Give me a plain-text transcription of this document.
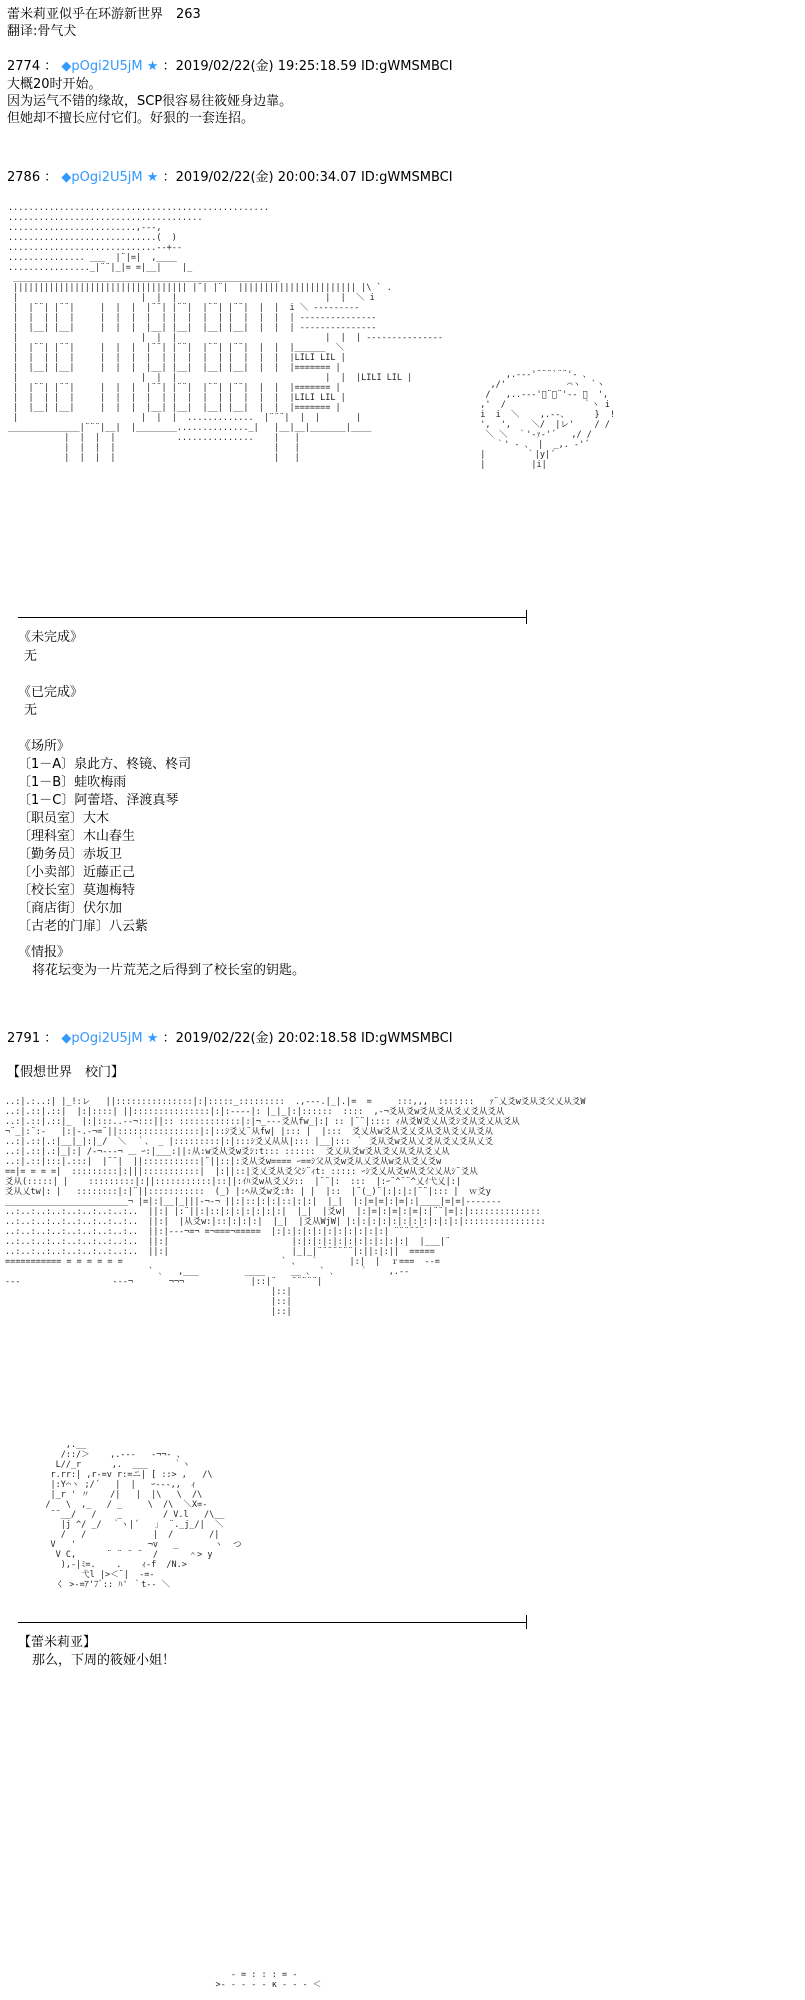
蕾米莉亚似乎在环游新世界　263
翻译:骨气犬
2774 ： ◆pOgi2U5jM ★ ：2019/02/22(金) 19:25:18.59 ID:gWMSMBCI
大概20时开始。
因为运气不错的缘故，SCP很容易往筱娅身边靠。
但她却不擅长应付它们。好狠的一套连招。
2786 ： ◆pOgi2U5jM ★ ：2019/02/22(金) 20:00:34.07 ID:gWMSMBCI
...................................................
......................................
.........................,---,
.............................(  )
.............................--+--
............... ___  |¨|=|  ,____
................_|¨¨|_|= =|__|    |_
____________________________________________________
|||||||||||||||||||||||||||||||||| |¨| |¨|  ||||||||||||||||||||||| |\ ` .
|                        |  |  |                             |  |  ＼ i
|  |¨¨| |¨¨|     |  |  |  |¨¨| |¨¨|  |¨¨| |¨¨|  |  |  i ＼ ---------
|  |  | |  |     |  |  |  |  | |  |  |  | |  |  |  |  | ---------------
|  |__| |__|     |  |  |  |__| |__|  |__| |__|  |  |  | ---------------
|                        |  |  |                             |  |  | ---------------
|  |¨¨| |¨¨|     |  |  |  |¨¨| |¨¨|  |¨¨| |¨¨|  |  |  |______  ＼
|  |  | |  |     |  |  |  |  | |  |  |  | |  |  |  |  |LILI LIL |
|  |__| |__|     |  |  |  |__| |__|  |__| |__|  |  |  |======= |
|                        |  |  |                             |  |  |LILI LIL |
|  |¨¨| |¨¨|     |  |  |  |¨¨| |¨¨|  |¨¨| |¨¨|  |  |  |======= |
|  |  | |  |     |  |  |  |  | |  |  |  | |  |  |  |  |LILI LIL |
|  |__| |__|     |  |  |  |__| |__|  |__| |__|  |  |  |======= |
|                        |  |  |  .............  |¨¨¨|  |  |       |
______________|¨¨¨|__|  |________.............._|   |__|__|_______|____
|  |  |  |            ...............    |   |
|  |  |  |                               |   |
|  |  |  |                               |   |
,.--‐'¨¨¨`¨¨'- 、
,/'            ⌒ヽ  `ヽ
/   ,..--‐'ﾞ¨ﾞ¨'‐- 、  ',
,'  /               ｀ヽ i
i  i  ＼    ,.--、     }  !
',  ',    ＼/  |レ'    / /
＼ ＼  ｀'‐ｧ‐'´   ,/ /
｀' - 、 |  _,. ‐'´
|        ｀|y|´
|         |i|
《未完成》
无
《已完成》
无
《场所》
〔1－A〕泉此方、柊镜、柊司
〔1－B〕蛙吹梅雨
〔1－C〕阿蕾塔、泽渡真琴
〔职员室〕大木
〔理科室〕木山春生
〔勤务员〕赤坂卫
〔小卖部〕近藤正己
〔校长室〕莫迦梅特
〔商店街〕伏尔加
〔古老的门扉〕八云紫
《情报》
将花坛变为一片荒芜之后得到了校长室的钥匙。
2791 ： ◆pOgi2U5jM ★ ：2019/02/22(金) 20:02:18.58 ID:gWMSMBCI
【假想世界　校门】
..:|.:..:| |_!:レ   ||:::::::::::::::|:|:::::_:::::::::  .,---.|_|.|=  =     :::,,,  :::::::   ｧ¨乂爻w爻从爻父乂从爻W
..:|.::|.::|  |:|::::| ||:::::::::::::::|:|:---‐|: |_|_|:|::::::  ::::  ,-¬爻从爻w爻从爻从爻乂爻从爻从
..:|.::|.::|_  |:|:::..‐-¬:::||:: ::::::::::::|:|¬_--‐爻从fw_|:| :: |¨¨|:::: ｨ从爻W爻乂从爻ｼ爻从爻乂从爻从
¬¨_|:¨:‐   |:|‐.‐¬=¨||::::::::::::::::|:|::ｼ爻乂¨从fw| |::: |  |:::  爻乂从w爻从爻乂爻从爻从爻乂从爻从
..:|.::|.:|__|_|:|_/  ＼  ｀、 _ |:::::::::|:|:::ｼ爻乂从从|::: |__|::: ｀ 爻从爻w爻从乂爻从爻乂爻从乂爻
..:|.::|.:|_|:| /‐¬‐--¬ ＿ ｰ:|___:||:从:w爻从爻w爻ｼ:t::: ::::::  爻乂从爻w爻从爻乂从爻从爻乂从
..:|.::|:::|.:::|  |¨¨|  ||:::::::::::|¨||::|:爻从爻w==== ｰ==ｼ父从爻w爻从乂爻从w爻从爻乂爻w
==|= = = =|  :::::::::|:|||:::::::::::|  |:||::|爻乂爻从爻父ｼ¨ｨt: ::::: ｰｼ爻乂从爻w从爻父乂从ｼ¨爻从
爻从(:::::| |    :::::::::|:||:::::::::::|::||:ｲﾊ爻w从爻乂ｼ::  |¨¨|:  :::  |:ｰ¨^¨¨^乂ｲ弋乂|:|
爻从乂tw|: |   ::::::::|:|¨||:::::::::::  (_) |:ﾍ从爻w爻:ｶ: | |  |::  |¨(_)¨|:|:|:|¨¨|::: |  ｗ爻y
________________________¬ |=|:|__|_|||-¬-¬ ||:|::|:|:|::|:|:|  |_|  |:|=|=|:|=|:|____|=|=|-------
..:..:..:..:..:..:..:..:..  ||:| |:¨||:|::|:|:|:|:|:|:|  |_|  |爻w|  |:|=|:|=|:|=|:|¨¨|=|:|::::::::::::::
..:..:..:..:..:..:..:..:..  ||:|  |从爻w:|::|:|:|:|  |_|  |爻从WjW| |:|:|:|:|:|:|:|:|:|:|:|::::::::::::::::
..:..:..:..:..:..:..:..:..  ||:|---¬=¬ =¬===¬=====  |:|:|:|:|:|:|:|:|:|:|:| ¨¨¨¨¨¨
..:..:..:..:..:..:..:..:..  ||:|                        |:|:|:|:|:|:|:|:|:|:|:|  |___|¨
..:..:..:..:..:..:..:..:..  ||:|                        |_|_|¨¨¨¨¨¨¨|:||:|:||  =====
=========== = = = = = =                               ` 、  ｀      |:|  |  ｒ===  --=
` ､   ,___         ____     __ 、 ` ､     ｀    ,.--
---                  ---¬       ¬¬¬             |::|¨   ¨¨¨¨¨|
|::|
|::|
|::|
,.__
/::/＞    ,.-‐-   ‐¬¬- 、
L//_r      ,.  ___     ｀ヽ
r.rr:| ,r-=v r:=ニ| [ ::> ,   /\
|:Y⌒ヽ ;/´   |  |   ｰ---,,  ｨ
|_r ' 〃    /|   |  |\   \  /\
/   \  ,_   / _     \  /\  ＼X=-
¨¨__/   /    _        / V.l   /\__
|j ^/ _/  ｀ヽ|´   ｣  ¨._j_/|  ＼
/   /             |  /       /|
V   '              ¬v   _       ヽ  つ
V C,      ¨ ¨ ¨ ¨  /      ＾> y
),-|ﾐ=.    .    ｨ-f  /N.>
弋l |>＜¨|  ‐=‐
く >‐=ｱ'7ﾞ:: ﾊ' ｀t-‐ ＼
【蕾米莉亚】
那么，下周的筱娅小姐！
- = : : : = -
>- - - - ‐ κ ‐ - - ＜
